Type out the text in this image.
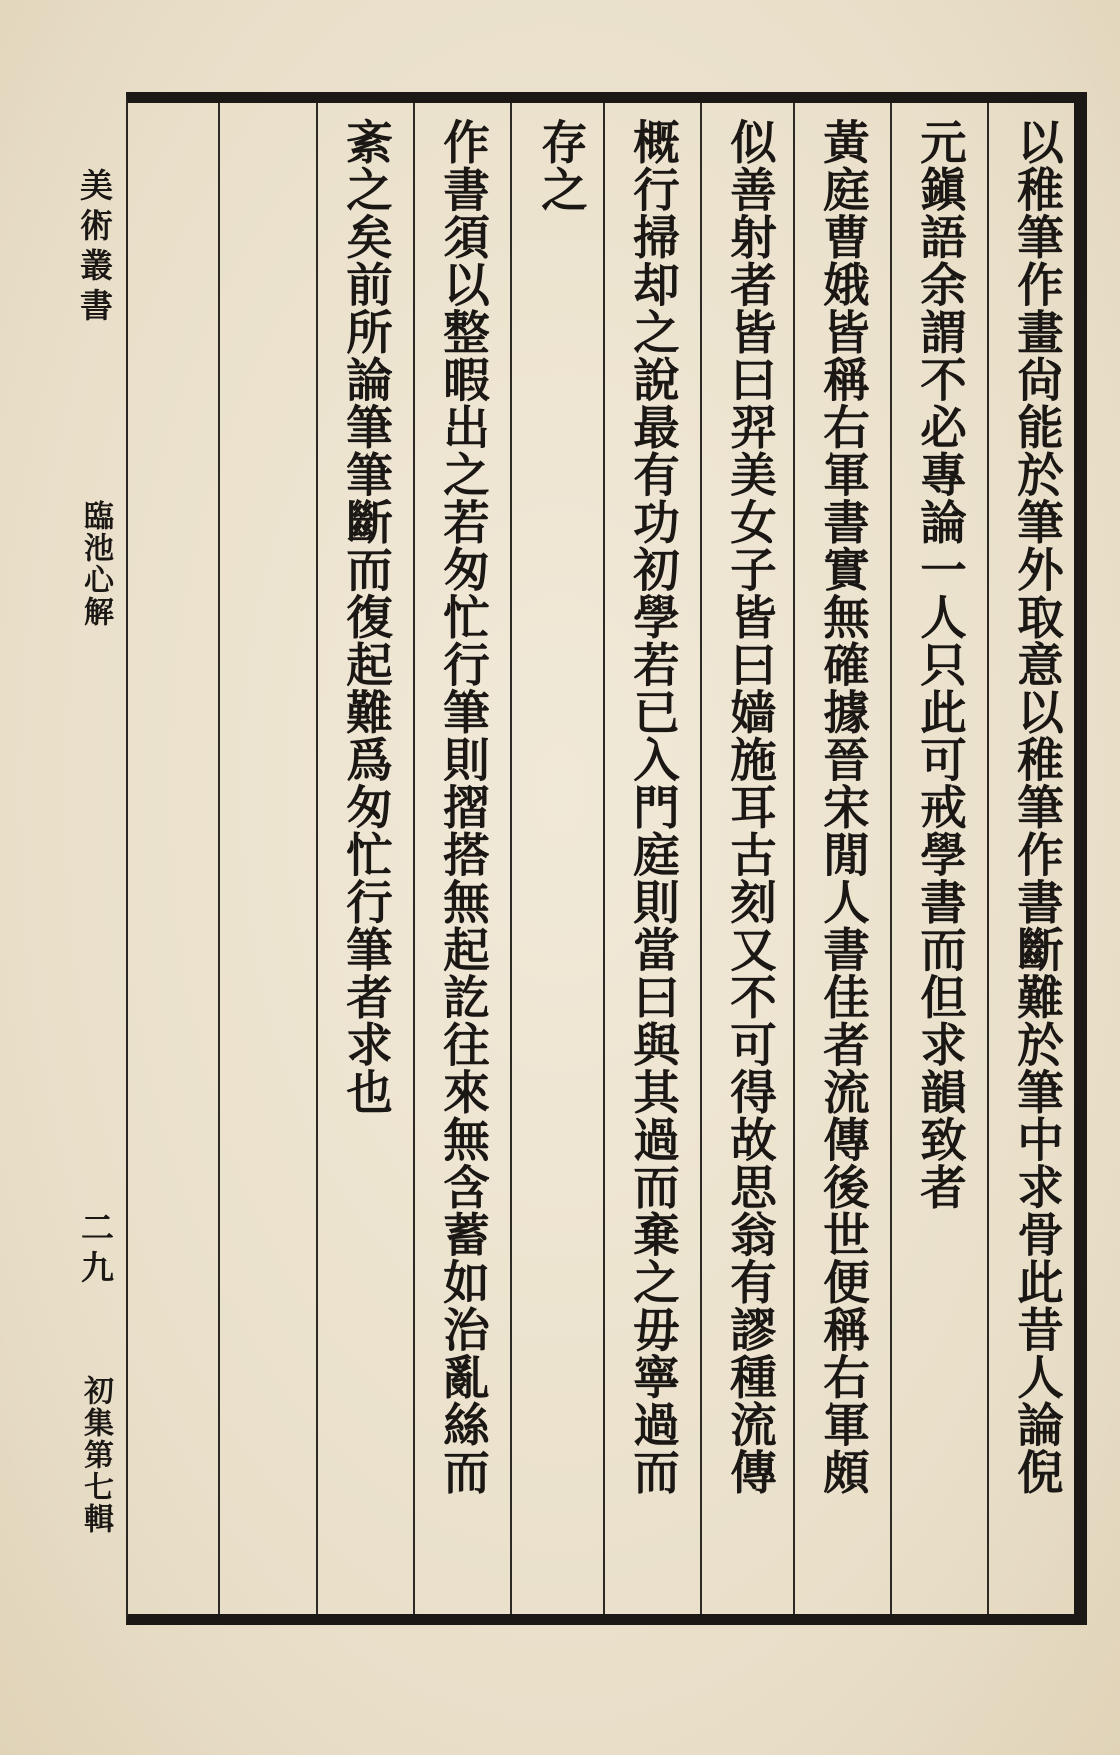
以稚筆作畫尙能於筆外取意以稚筆作書斷難於筆中求骨此昔人論倪

元鎭語余謂不必專論一人只此可戒學書而但求韻致者

黃庭曹娥皆稱右軍書實無確據晉宋閒人書佳者流傳後世便稱右軍頗

似善射者皆曰羿美女子皆曰嫱施耳古刻又不可得故思翁有謬種流傳

概行掃却之說最有功初學若已入門庭則當曰與其過而棄之毋寧過而

存之

作書須以整暇出之若匆忙行筆則摺搭無起訖往來無含蓄如治亂絲而

紊之矣前所論筆筆斷而復起難爲匆忙行筆者求也

美術叢書

臨池心解

二九

初集第七輯
